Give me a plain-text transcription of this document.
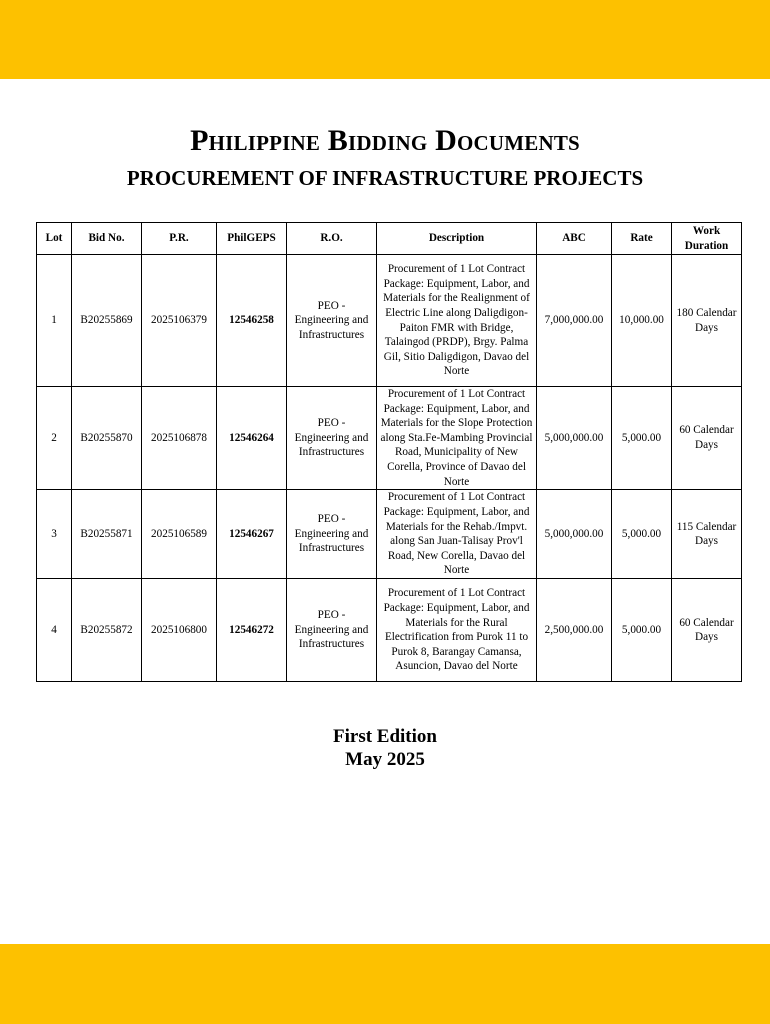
Philippine Bidding Documents
PROCUREMENT OF INFRASTRUCTURE PROJECTS
Lot	Bid No.	P.R.	PhilGEPS	R.O.	Description	ABC	Rate	Work Duration
1	B20255869	2025106379	12546258	PEO - Engineering and Infrastructures	Procurement of 1 Lot Contract Package: Equipment, Labor, and Materials for the Realignment of Electric Line along Daligdigon-Paiton FMR with Bridge, Talaingod (PRDP), Brgy. Palma Gil, Sitio Daligdigon, Davao del Norte	7,000,000.00	10,000.00	180 Calendar Days
2	B20255870	2025106878	12546264	PEO - Engineering and Infrastructures	Procurement of 1 Lot Contract Package: Equipment, Labor, and Materials for the Slope Protection along Sta.Fe-Mambing Provincial Road, Municipality of New Corella, Province of Davao del Norte	5,000,000.00	5,000.00	60 Calendar Days
3	B20255871	2025106589	12546267	PEO - Engineering and Infrastructures	Procurement of 1 Lot Contract Package: Equipment, Labor, and Materials for the Rehab./Impvt. along San Juan-Talisay Prov'l Road, New Corella, Davao del Norte	5,000,000.00	5,000.00	115 Calendar Days
4	B20255872	2025106800	12546272	PEO - Engineering and Infrastructures	Procurement of 1 Lot Contract Package: Equipment, Labor, and Materials for the Rural Electrification from Purok 11 to Purok 8, Barangay Camansa, Asuncion, Davao del Norte	2,500,000.00	5,000.00	60 Calendar Days
First Edition
May 2025
